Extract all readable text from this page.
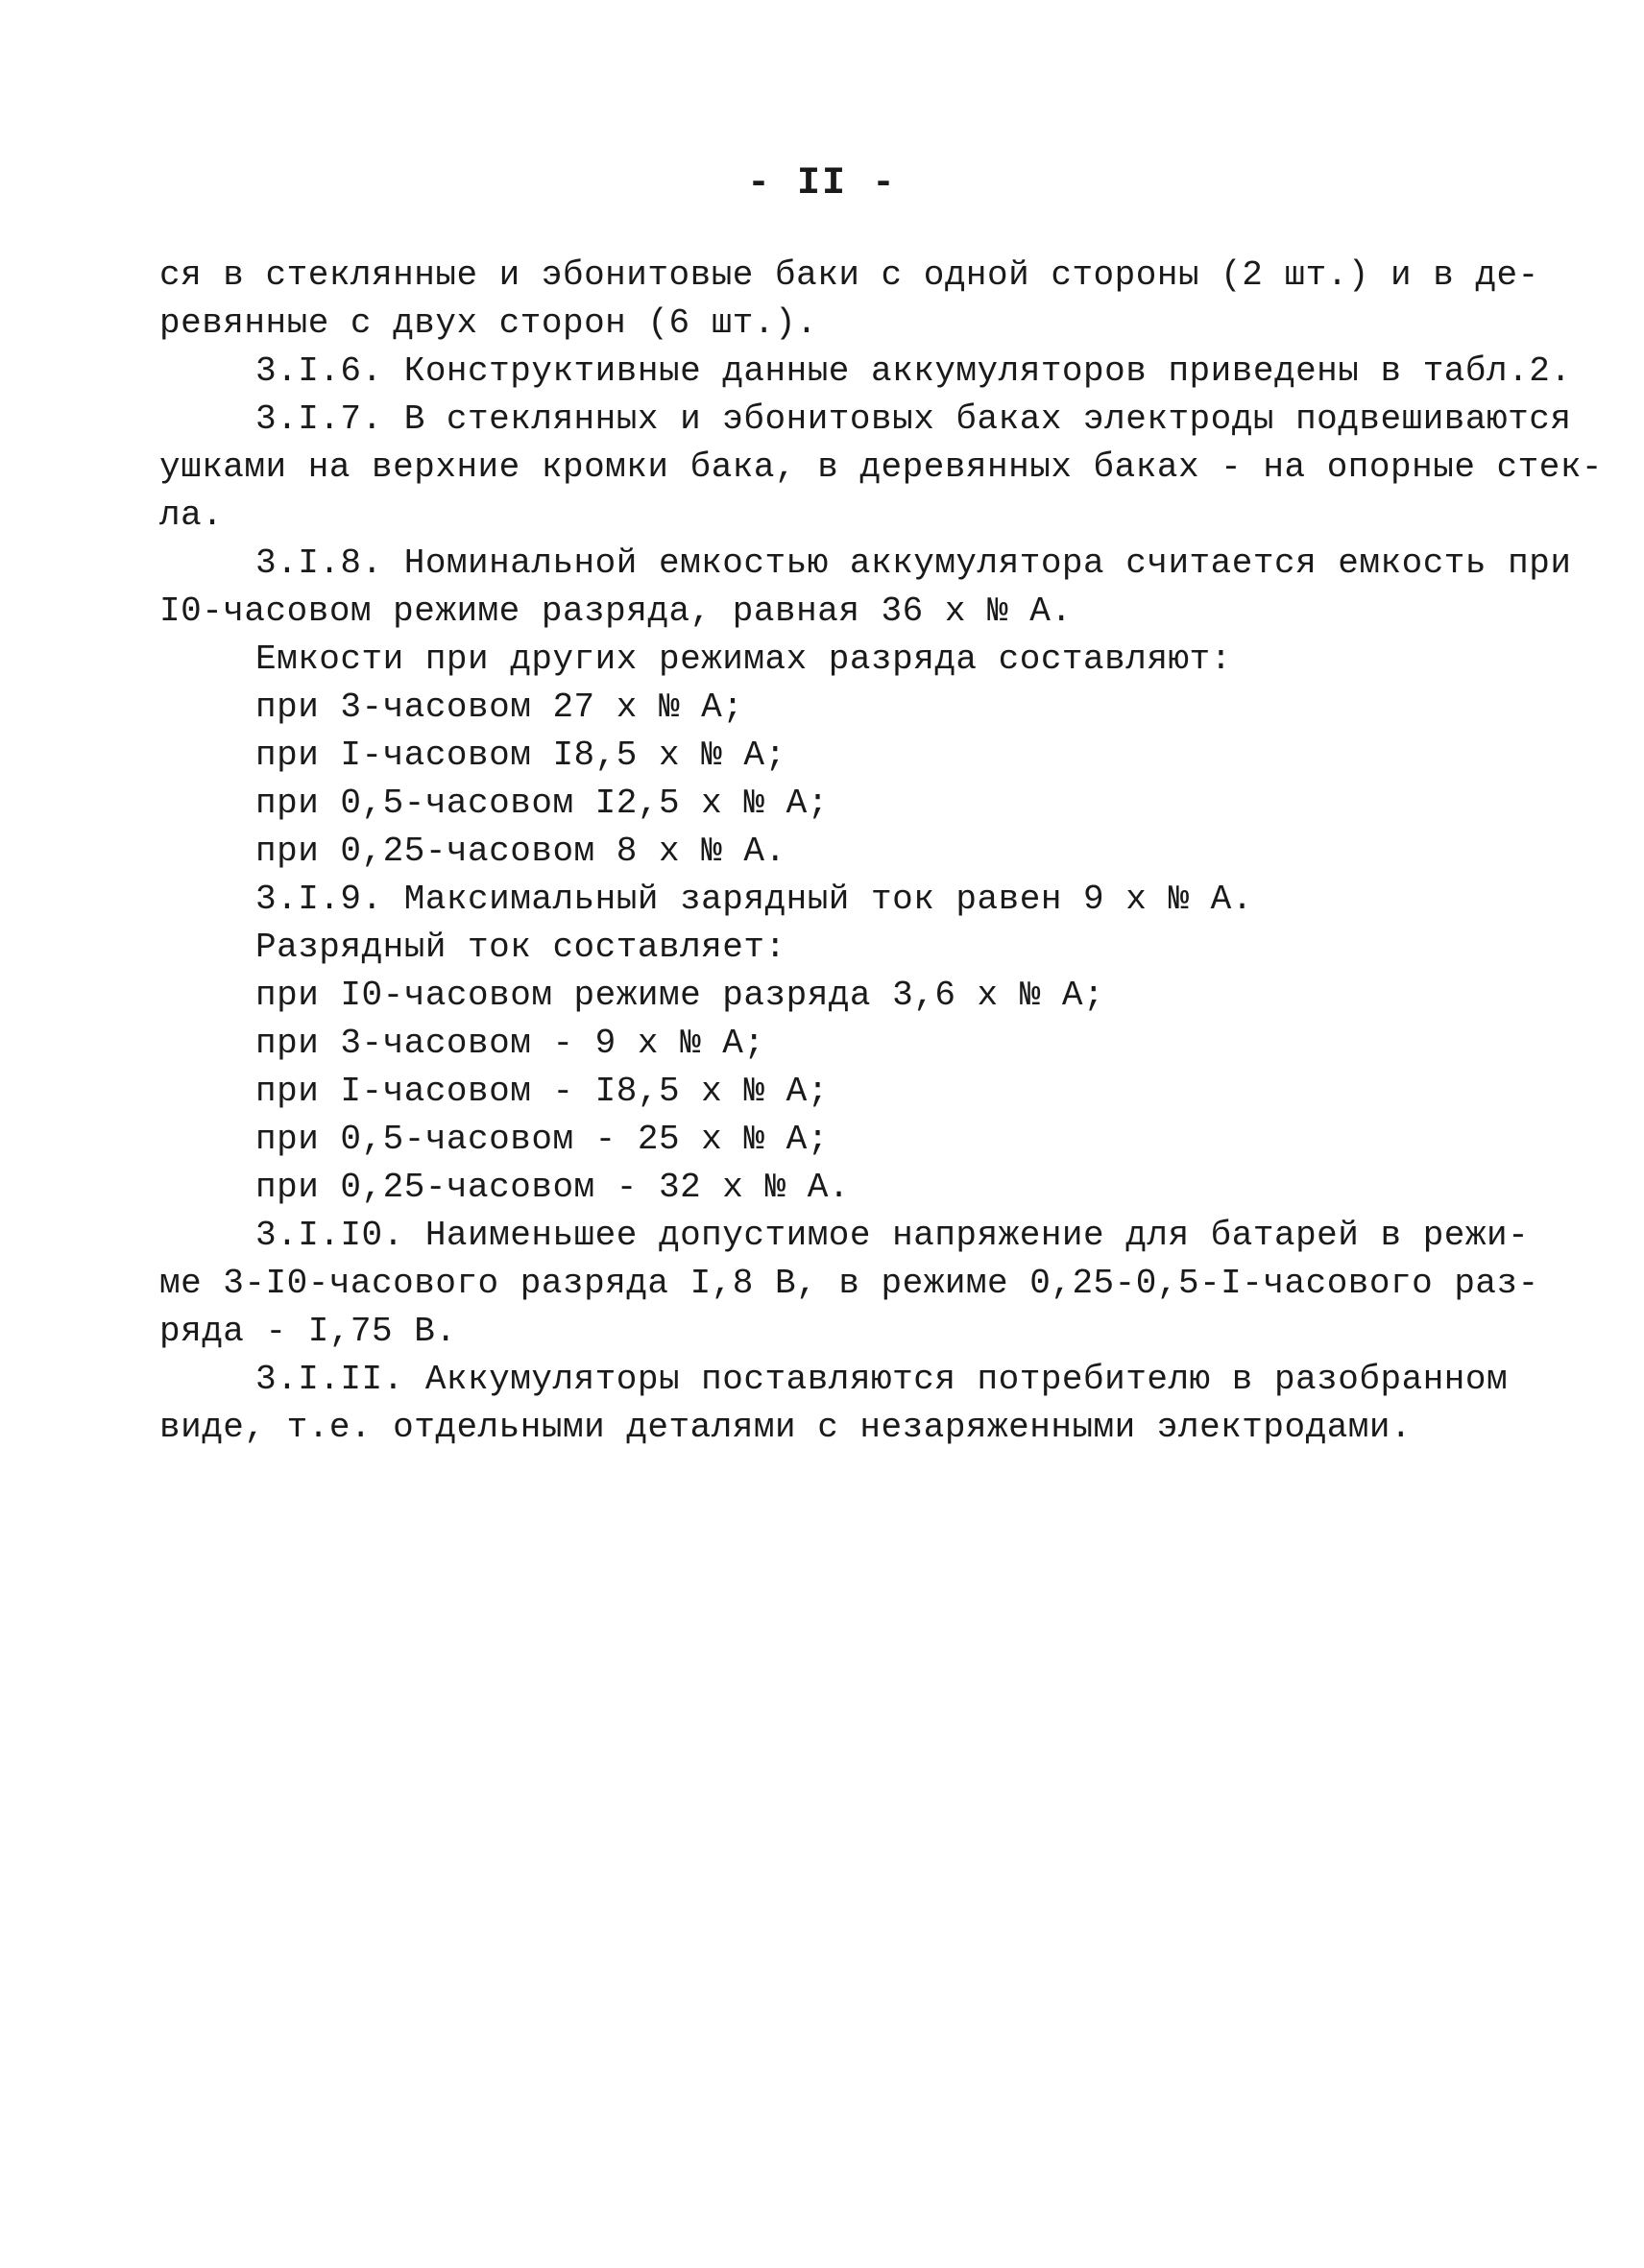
- II -
ся в стеклянные и эбонитовые баки с одной стороны (2 шт.) и в де-
ревянные с двух сторон (6 шт.).
3.I.6. Конструктивные данные аккумуляторов приведены в табл.2.
3.I.7. В стеклянных и эбонитовых баках электроды подвешиваются
ушками на верхние кромки бака, в деревянных баках - на опорные стек-
ла.
3.I.8. Номинальной емкостью аккумулятора считается емкость при
I0-часовом режиме разряда, равная 36 х № А.
Емкости при других режимах разряда составляют:
при 3-часовом 27 х № А;
при I-часовом I8,5 х № А;
при 0,5-часовом I2,5 х № А;
при 0,25-часовом 8 х № А.
3.I.9. Максимальный зарядный ток равен 9 х № А.
Разрядный ток составляет:
при I0-часовом режиме разряда 3,6 х № А;
при 3-часовом - 9 х № А;
при I-часовом - I8,5 х № А;
при 0,5-часовом - 25 х № А;
при 0,25-часовом - 32 х № А.
3.I.I0. Наименьшее допустимое напряжение для батарей в режи-
ме 3-I0-часового разряда I,8 В, в режиме 0,25-0,5-I-часового раз-
ряда - I,75 В.
3.I.II. Аккумуляторы поставляются потребителю в разобранном
виде, т.е. отдельными деталями с незаряженными электродами.
